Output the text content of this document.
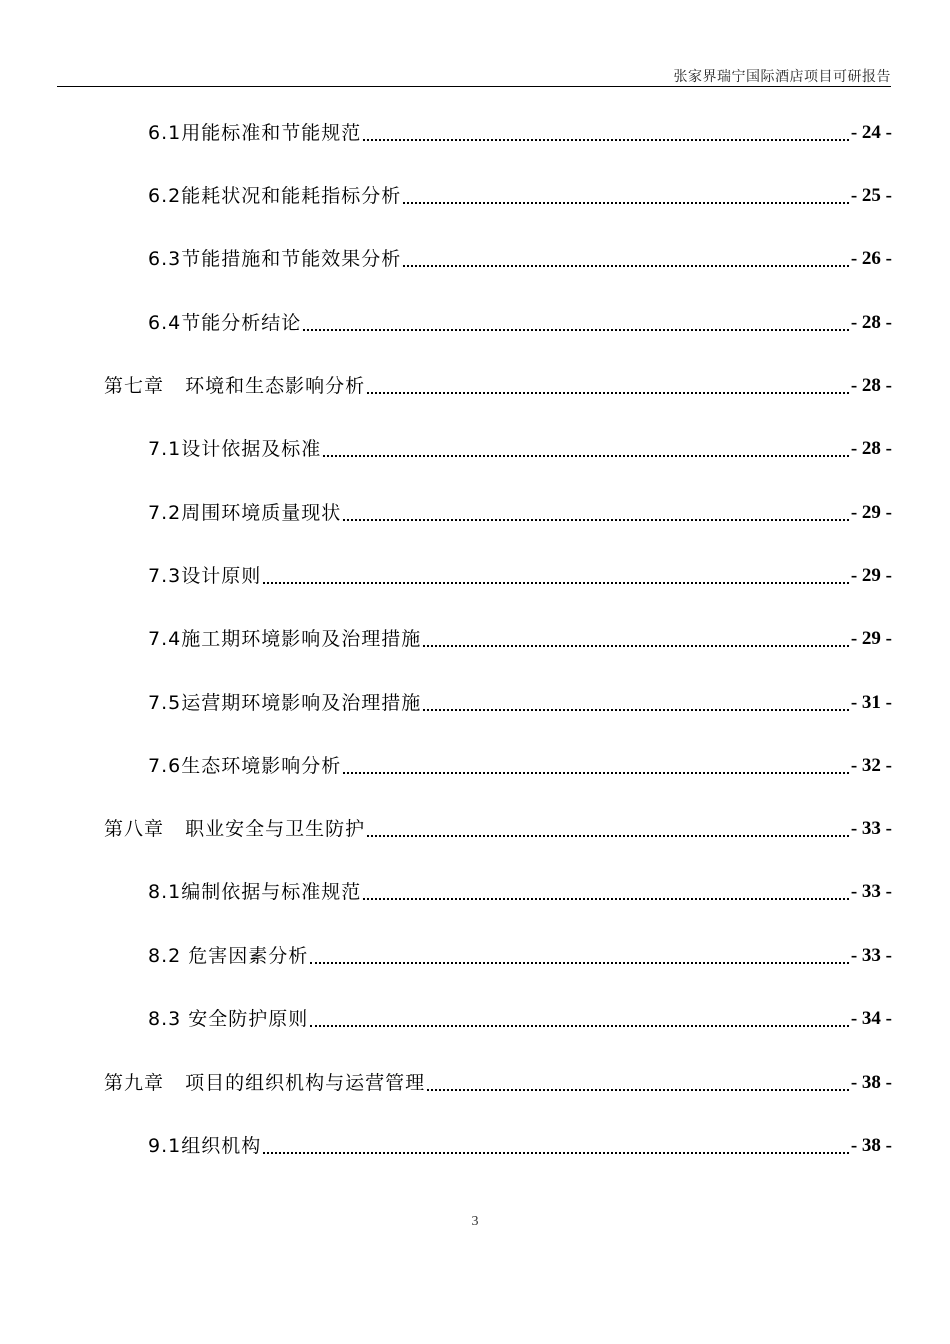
张家界瑞宁国际酒店项目可研报告
6.1用能标准和节能规范	- 24 -
6.2能耗状况和能耗指标分析	- 25 -
6.3节能措施和节能效果分析	- 26 -
6.4节能分析结论	- 28 -
第七章   环境和生态影响分析	- 28 -
7.1设计依据及标准	- 28 -
7.2周围环境质量现状	- 29 -
7.3设计原则	- 29 -
7.4施工期环境影响及治理措施	- 29 -
7.5运营期环境影响及治理措施	- 31 -
7.6生态环境影响分析	- 32 -
第八章   职业安全与卫生防护	- 33 -
8.1编制依据与标准规范	- 33 -
8.2 危害因素分析	- 33 -
8.3 安全防护原则	- 34 -
第九章   项目的组织机构与运营管理	- 38 -
9.1组织机构	- 38 -
3
